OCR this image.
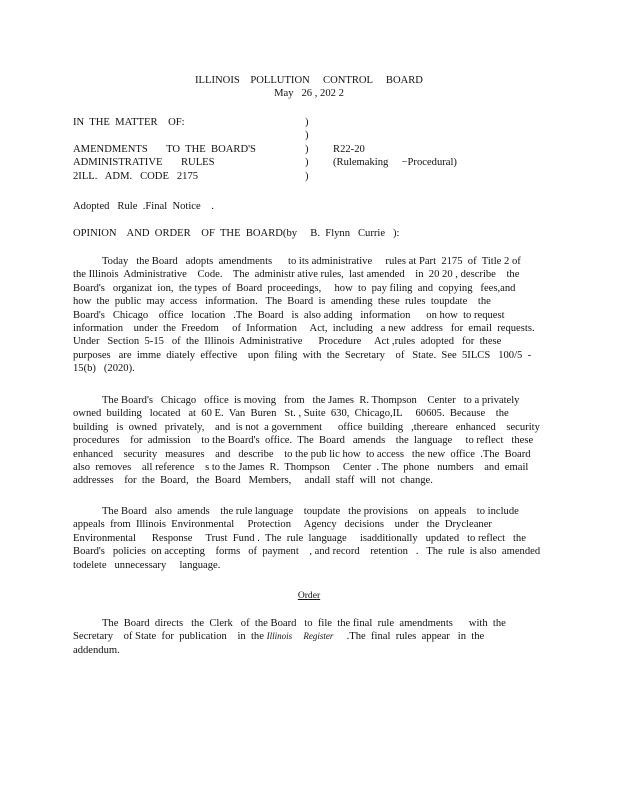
ILLINOIS    POLLUTION     CONTROL     BOARD
May   26 , 202 2
IN  THE  MATTER    OF:	)
)
AMENDMENTS       TO  THE  BOARD'S	)	R22-20
ADMINISTRATIVE       RULES	)	(Rulemaking     −Procedural)
2ILL.   ADM.   CODE   2175	)
Adopted   Rule  .Final  Notice    .
OPINION    AND  ORDER    OF  THE  BOARD(by     B.  Flynn   Currie   ):
Today   the Board   adopts  amendments      to its administrative     rules at Part  2175  of  Title 2 of
the Illinois  Administrative    Code.    The  administr ative rules,  last amended    in  20 20 , describe    the
Board's   organizat  ion,  the types  of  Board  proceedings,     how  to  pay filing  and  copying   fees,and
how  the  public  may  access   information.   The  Board  is  amending  these  rules  toupdate    the
Board's   Chicago    office   location   .The  Board   is  also adding   information      on how  to request
information    under  the  Freedom     of  Information     Act,  including   a new  address   for  email  requests.
Under   Section  5-15   of  the  Illinois  Administrative      Procedure     Act ,rules  adopted   for  these
purposes   are  imme  diately  effective    upon  filing  with  the  Secretary    of   State.  See  5ILCS   100/5  -
15(b)   (2020).
The Board's   Chicago   office  is moving   from   the James  R. Thompson    Center   to a privately
owned  building   located   at  60 E.  Van  Buren   St. , Suite  630,  Chicago,IL     60605.  Because    the
building   is  owned   privately,    and  is not  a government      office  building   ,thereare   enhanced    security
procedures    for  admission    to the Board's  office.  The  Board   amends    the  language     to reflect   these
enhanced    security   measures    and   describe    to the pub lic how  to access   the new  office  .The  Board
also  removes    all reference    s to the James  R.  Thompson     Center  . The  phone   numbers    and  email
addresses    for  the  Board,   the  Board   Members,     andall  staff  will  not  change.
The Board   also  amends    the rule language    toupdate   the provisions    on  appeals    to include
appeals  from  Illinois  Environmental     Protection     Agency   decisions    under   the  Drycleaner
Environmental      Response     Trust  Fund .  The  rule  language     isadditionally   updated   to reflect   the
Board's   policies  on accepting    forms   of  payment    , and record    retention   .   The  rule  is also  amended
todelete   unnecessary     language.
Order
The  Board  directs   the  Clerk   of  the Board   to  file  the final  rule  amendments      with  the
Secretary    of State  for  publication    in  the Illinois     Register     .The  final  rules  appear   in  the
addendum.
